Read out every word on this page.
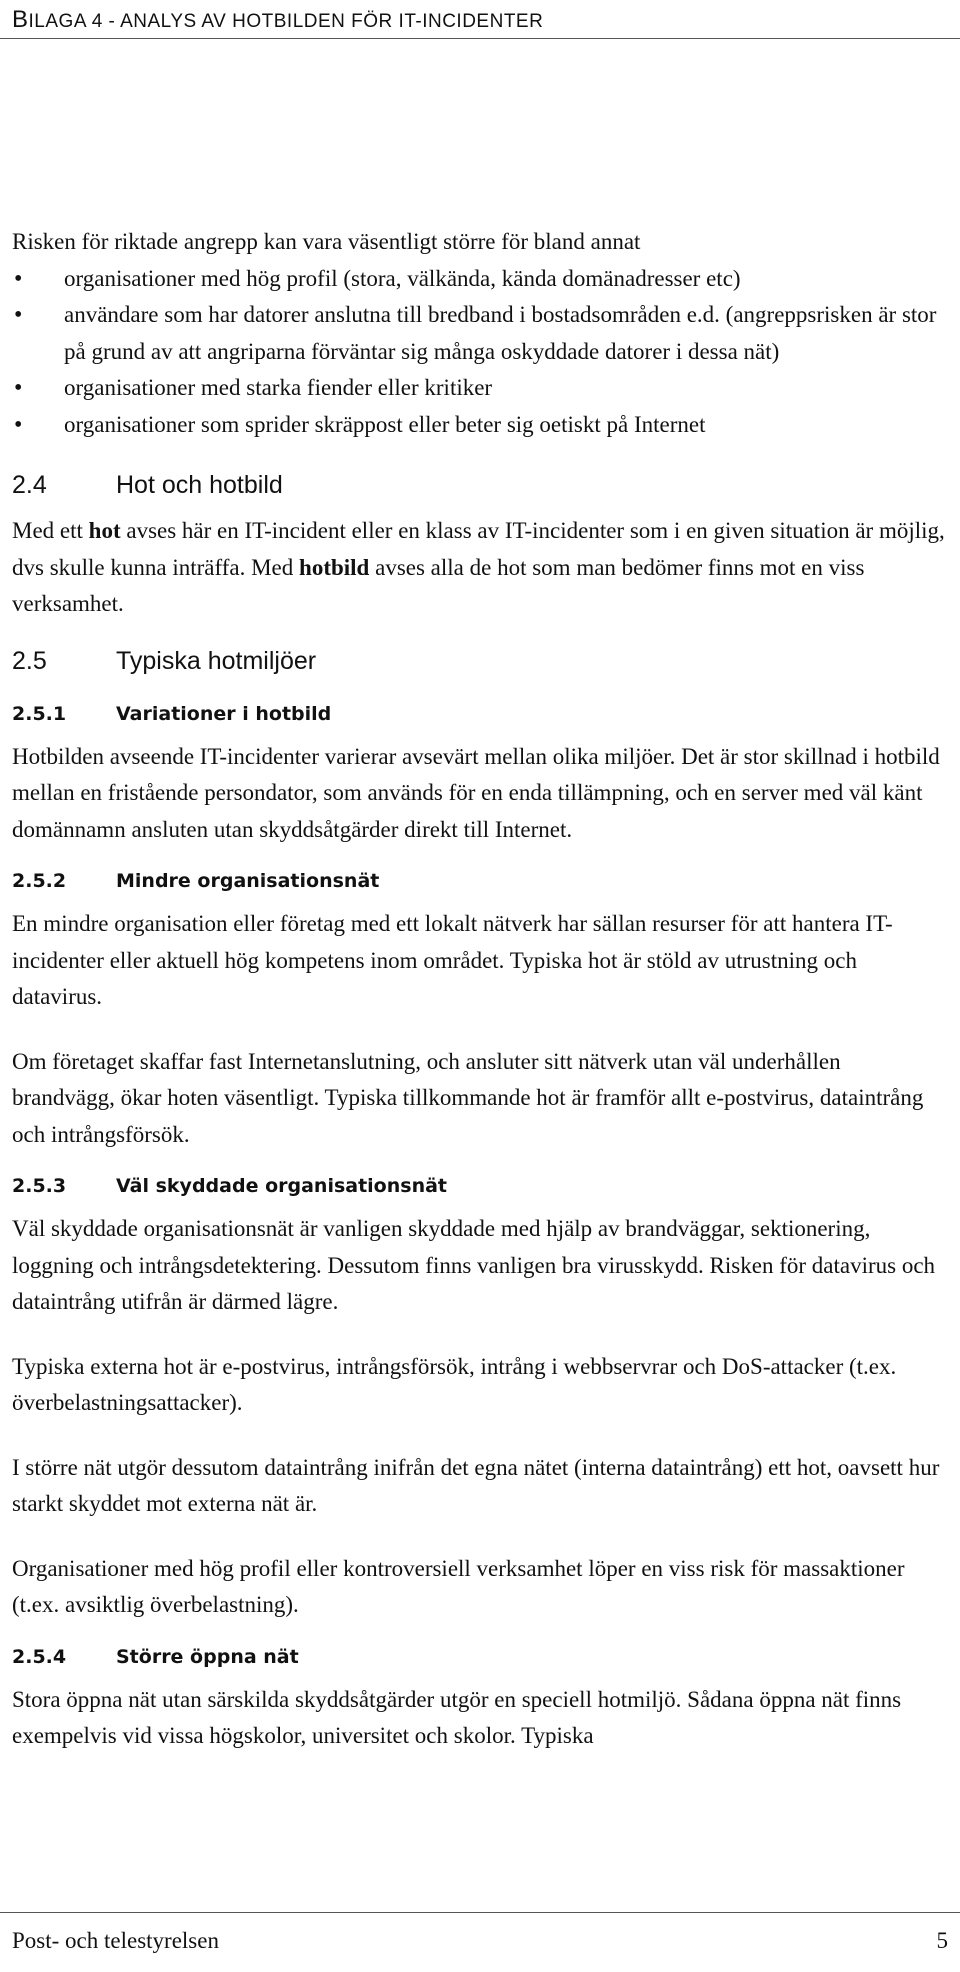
BILAGA 4 - ANALYS AV HOTBILDEN FÖR IT-INCIDENTER

Risken för riktade angrepp kan vara väsentligt större för bland annat

• organisationer med hög profil (stora, välkända, kända domänadresser etc)
• användare som har datorer anslutna till bredband i bostadsområden e.d. (angreppsrisken är stor på grund av att angriparna förväntar sig många oskyddade datorer i dessa nät)
• organisationer med starka fiender eller kritiker
• organisationer som sprider skräppost eller beter sig oetiskt på Internet
2.4	Hot och hotbild

Med ett hot avses här en IT-incident eller en klass av IT-incidenter som i en given situation är möjlig, dvs skulle kunna inträffa. Med hotbild avses alla de hot som man bedömer finns mot en viss verksamhet.

2.5	Typiska hotmiljöer
2.5.1	Variationer i hotbild

Hotbilden avseende IT-incidenter varierar avsevärt mellan olika miljöer. Det är stor skillnad i hotbild mellan en fristående persondator, som används för en enda tillämpning, och en server med väl känt domännamn ansluten utan skyddsåtgärder direkt till Internet.

2.5.2	Mindre organisationsnät

En mindre organisation eller företag med ett lokalt nätverk har sällan resurser för att hantera IT-incidenter eller aktuell hög kompetens inom området. Typiska hot är stöld av utrustning och datavirus.

Om företaget skaffar fast Internetanslutning, och ansluter sitt nätverk utan väl underhållen brandvägg, ökar hoten väsentligt. Typiska tillkommande hot är framför allt e-postvirus, dataintrång och intrångsförsök.

2.5.3	Väl skyddade organisationsnät

Väl skyddade organisationsnät är vanligen skyddade med hjälp av brandväggar, sektionering, loggning och intrångsdetektering. Dessutom finns vanligen bra virusskydd. Risken för datavirus och dataintrång utifrån är därmed lägre.

Typiska externa hot är e-postvirus, intrångsförsök, intrång i webbservrar och DoS-attacker (t.ex. överbelastningsattacker).

I större nät utgör dessutom dataintrång inifrån det egna nätet (interna dataintrång) ett hot, oavsett hur starkt skyddet mot externa nät är.

Organisationer med hög profil eller kontroversiell verksamhet löper en viss risk för massaktioner (t.ex. avsiktlig överbelastning).

2.5.4	Större öppna nät

Stora öppna nät utan särskilda skyddsåtgärder utgör en speciell hotmiljö. Sådana öppna nät finns exempelvis vid vissa högskolor, universitet och skolor. Typiska

Post- och telestyrelsen	5
